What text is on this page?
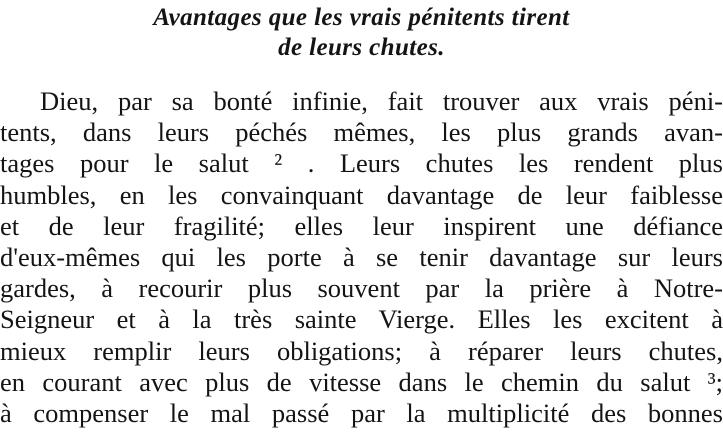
Avantages que les vrais pénitents tirent
de leurs chutes.
Dieu, par sa bonté infinie, fait trouver aux vrais péni-
tents, dans leurs péchés mêmes, les plus grands avan-
tages pour le salut ² . Leurs chutes les rendent plus
humbles, en les convainquant davantage de leur faiblesse
et de leur fragilité; elles leur inspirent une défiance
d'eux-mêmes qui les porte à se tenir davantage sur leurs
gardes, à recourir plus souvent par la prière à Notre-
Seigneur et à la très sainte Vierge. Elles les excitent à
mieux remplir leurs obligations; à réparer leurs chutes,
en courant avec plus de vitesse dans le chemin du salut ³;
à compenser le mal passé par la multiplicité des bonnes
